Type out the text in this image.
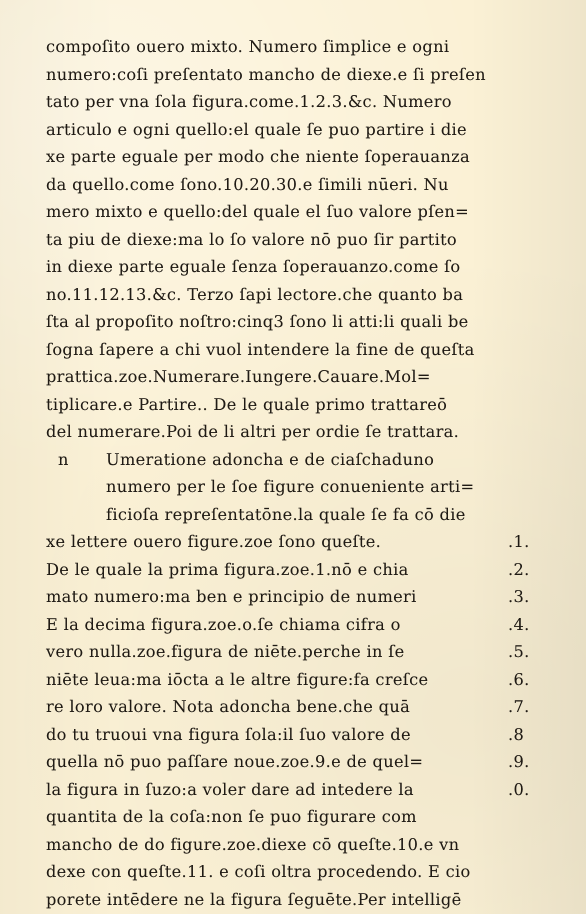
compoſito ouero mixto. Numero ſimplice e ogni
numero:coſi preſentato mancho de diexe.e ſi preſen
tato per vna ſola figura.come.1.2.3.&c. Numero
articulo e ogni quello:el quale ſe puo partire i die
xe parte eguale per modo che niente ſoperauanza
da quello.come ſono.10.20.30.e ſimili nūeri. Nu
mero mixto e quello:del quale el ſuo valore pſen=
ta piu de diexe:ma lo ſo valore nō puo ſir partito
in diexe parte eguale ſenza ſoperauanzo.come ſo
no.11.12.13.&c. Terzo ſapi lectore.che quanto ba
ſta al propoſito noſtro:cinq3 ſono li atti:li quali be
ſogna ſapere a chi vuol intendere la fine de queſta
prattica.zoe.Numerare.Iungere.Cauare.Mol=
tiplicare.e Partire.. De le quale primo trattareō
del numerare.Poi de li altri per ordie ſe trattara.
n Umeratione adoncha e de ciaſchaduno
numero per le ſoe figure conueniente arti=
ficioſa repreſentatōne.la quale ſe fa cō die
xe lettere ouero figure.zoe ſono queſte.	.1.
De le quale la prima figura.zoe.1.nō e chia	.2.
mato numero:ma ben e principio de numeri	.3.
E la decima figura.zoe.o.ſe chiama cifra o	.4.
vero nulla.zoe.figura de niēte.perche in ſe	.5.
niēte leua:ma iōcta a le altre figure:fa creſce	.6.
re loro valore. Nota adoncha bene.che quā	.7.
do tu truoui vna figura ſola:il ſuo valore de	.8
quella nō puo paſſare noue.zoe.9.e de quel=	.9.
la figura in ſuzo:a voler dare ad intedere la	.0.
quantita de la coſa:non ſe puo figurare com
mancho de do figure.zoe.diexe cō queſte.10.e vn
dexe con queſte.11. e coſi oltra procedendo. E cio
porete intēdere ne la figura ſeguēte.Per intelligē
